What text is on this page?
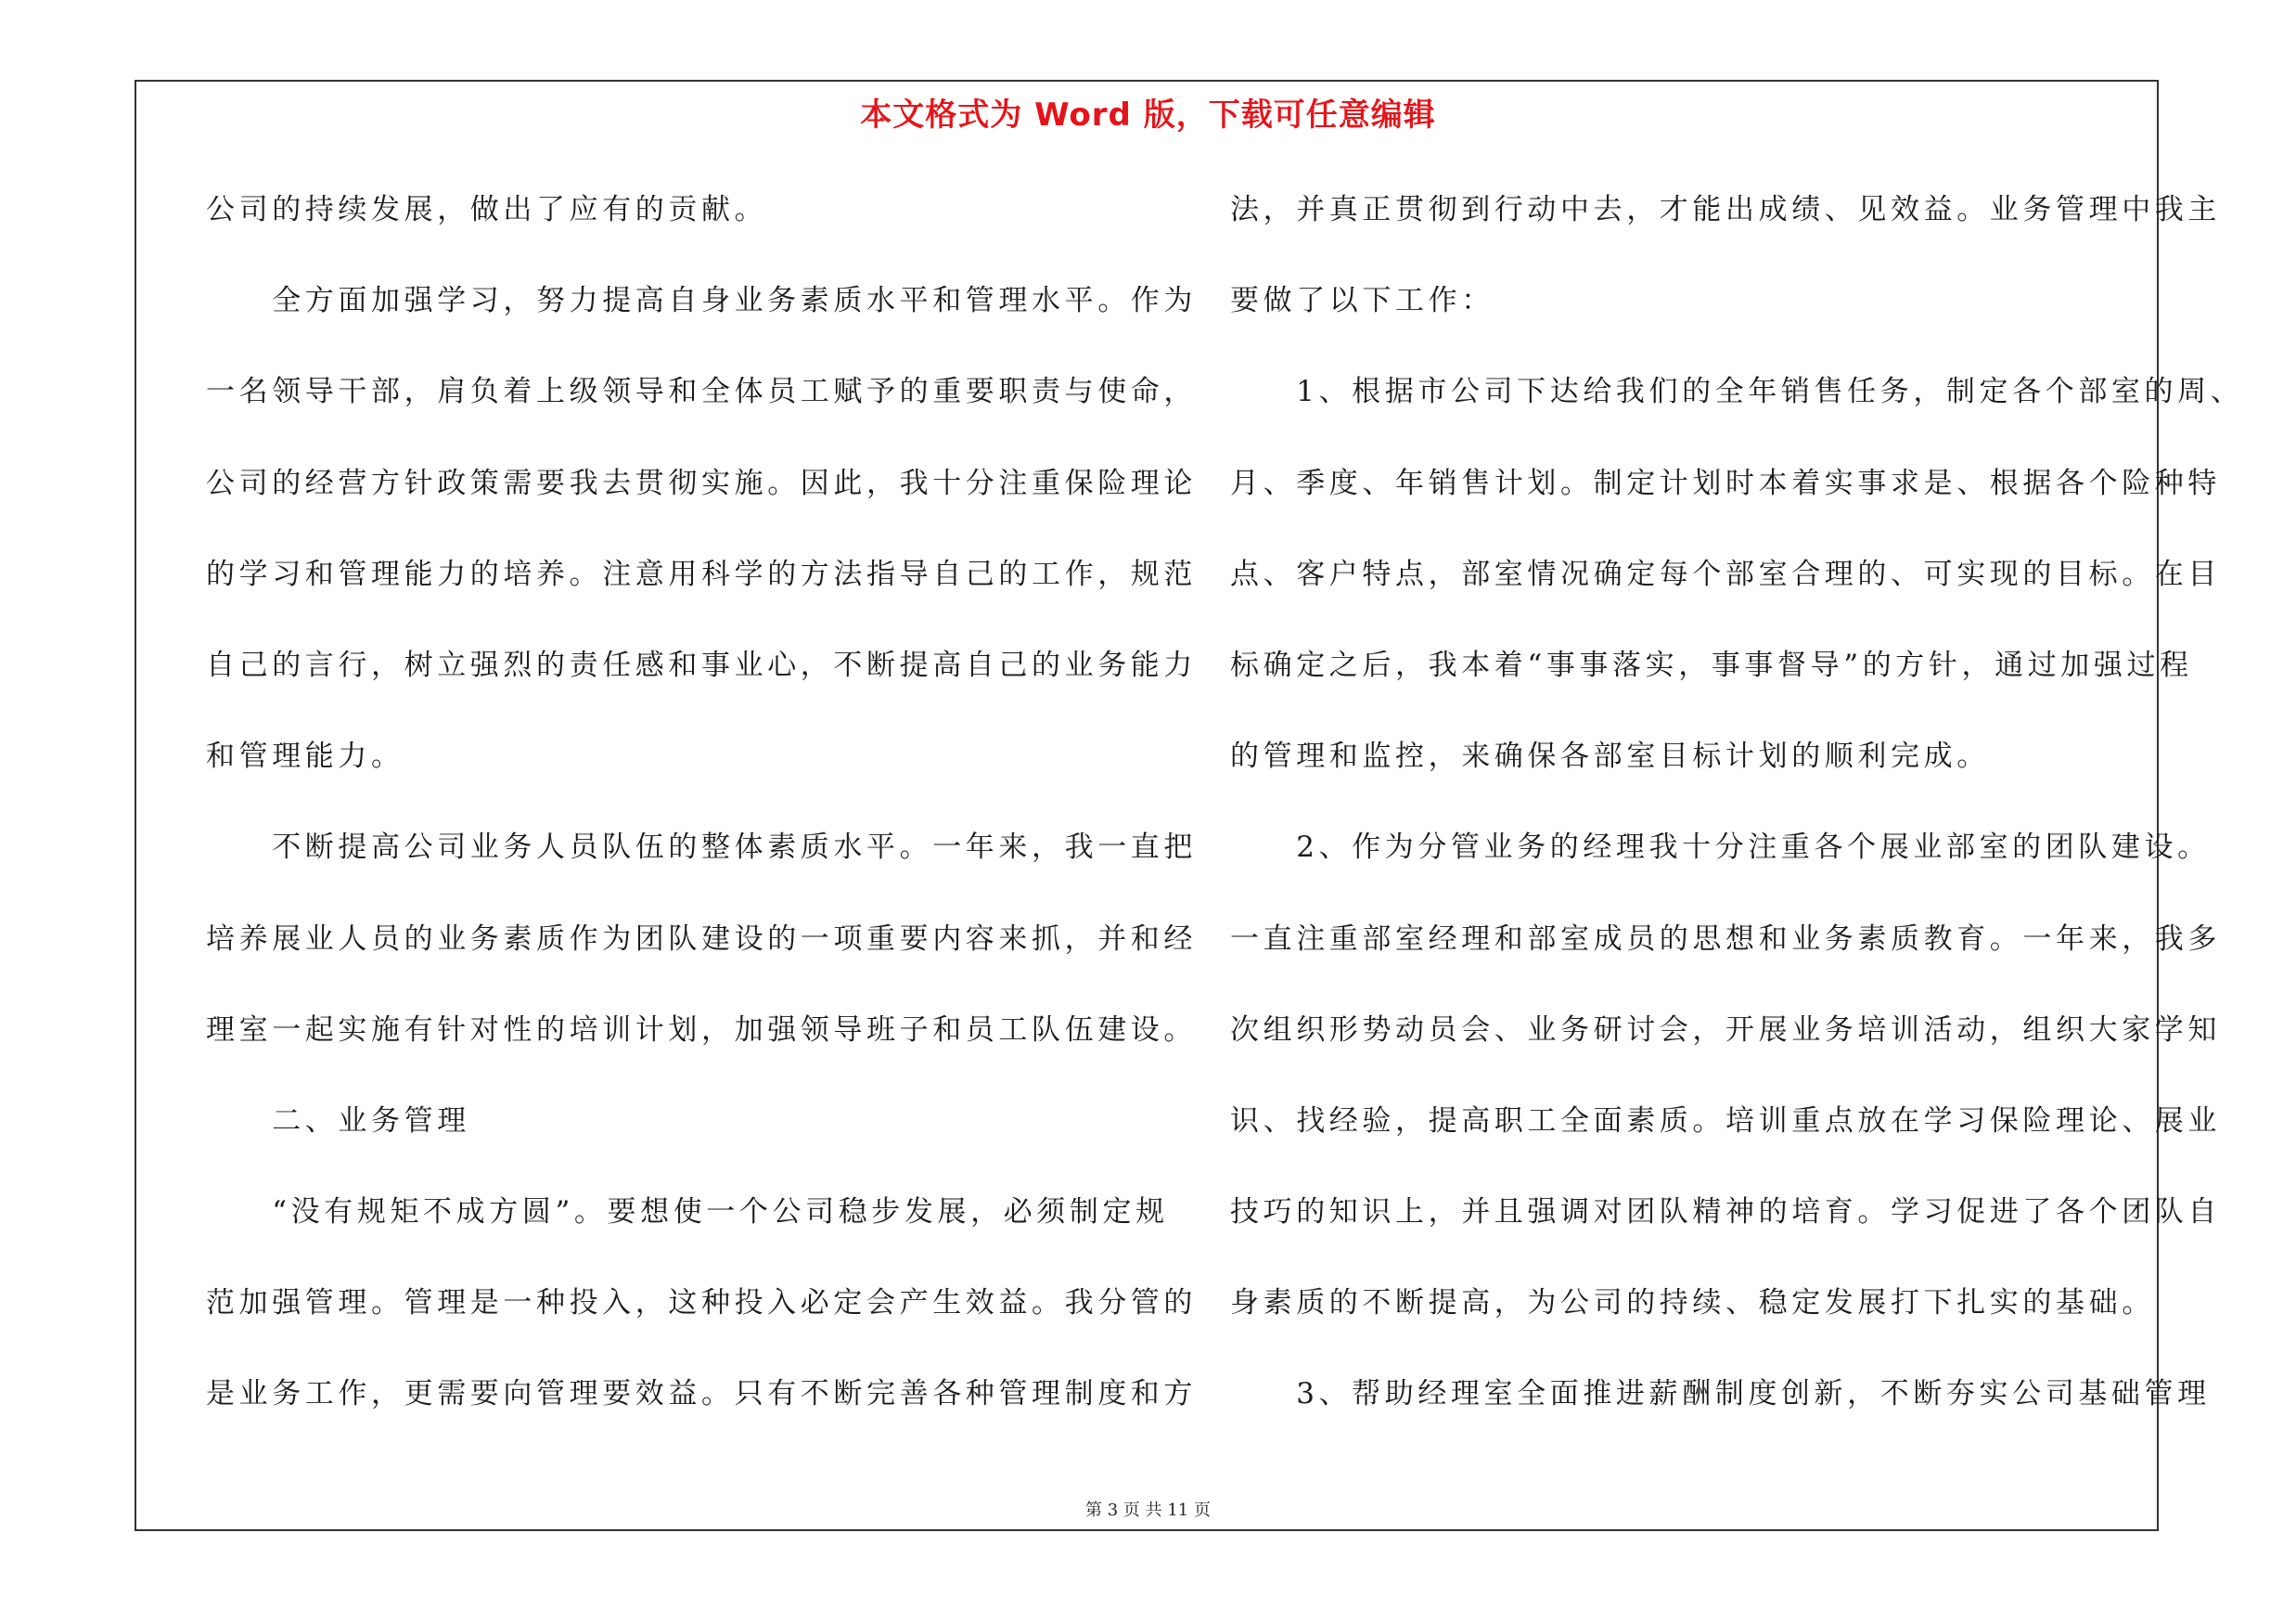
本文格式为 Word 版，下载可任意编辑
公司的持续发展，做出了应有的贡献。
　　全方面加强学习，努力提高自身业务素质水平和管理水平。作为
一名领导干部，肩负着上级领导和全体员工赋予的重要职责与使命，
公司的经营方针政策需要我去贯彻实施。因此，我十分注重保险理论
的学习和管理能力的培养。注意用科学的方法指导自己的工作，规范
自己的言行，树立强烈的责任感和事业心，不断提高自己的业务能力
和管理能力。
　　不断提高公司业务人员队伍的整体素质水平。一年来，我一直把
培养展业人员的业务素质作为团队建设的一项重要内容来抓，并和经
理室一起实施有针对性的培训计划，加强领导班子和员工队伍建设。
　　二、业务管理
　　“没有规矩不成方圆”。要想使一个公司稳步发展，必须制定规
范加强管理。管理是一种投入，这种投入必定会产生效益。我分管的
是业务工作，更需要向管理要效益。只有不断完善各种管理制度和方
法，并真正贯彻到行动中去，才能出成绩、见效益。业务管理中我主
要做了以下工作：
　　1、根据市公司下达给我们的全年销售任务，制定各个部室的周、
月、季度、年销售计划。制定计划时本着实事求是、根据各个险种特
点、客户特点，部室情况确定每个部室合理的、可实现的目标。在目
标确定之后，我本着“事事落实，事事督导”的方针，通过加强过程
的管理和监控，来确保各部室目标计划的顺利完成。
　　2、作为分管业务的经理我十分注重各个展业部室的团队建设。
一直注重部室经理和部室成员的思想和业务素质教育。一年来，我多
次组织形势动员会、业务研讨会，开展业务培训活动，组织大家学知
识、找经验，提高职工全面素质。培训重点放在学习保险理论、展业
技巧的知识上，并且强调对团队精神的培育。学习促进了各个团队自
身素质的不断提高，为公司的持续、稳定发展打下扎实的基础。
　　3、帮助经理室全面推进薪酬制度创新，不断夯实公司基础管理
第 3 页 共 11 页
